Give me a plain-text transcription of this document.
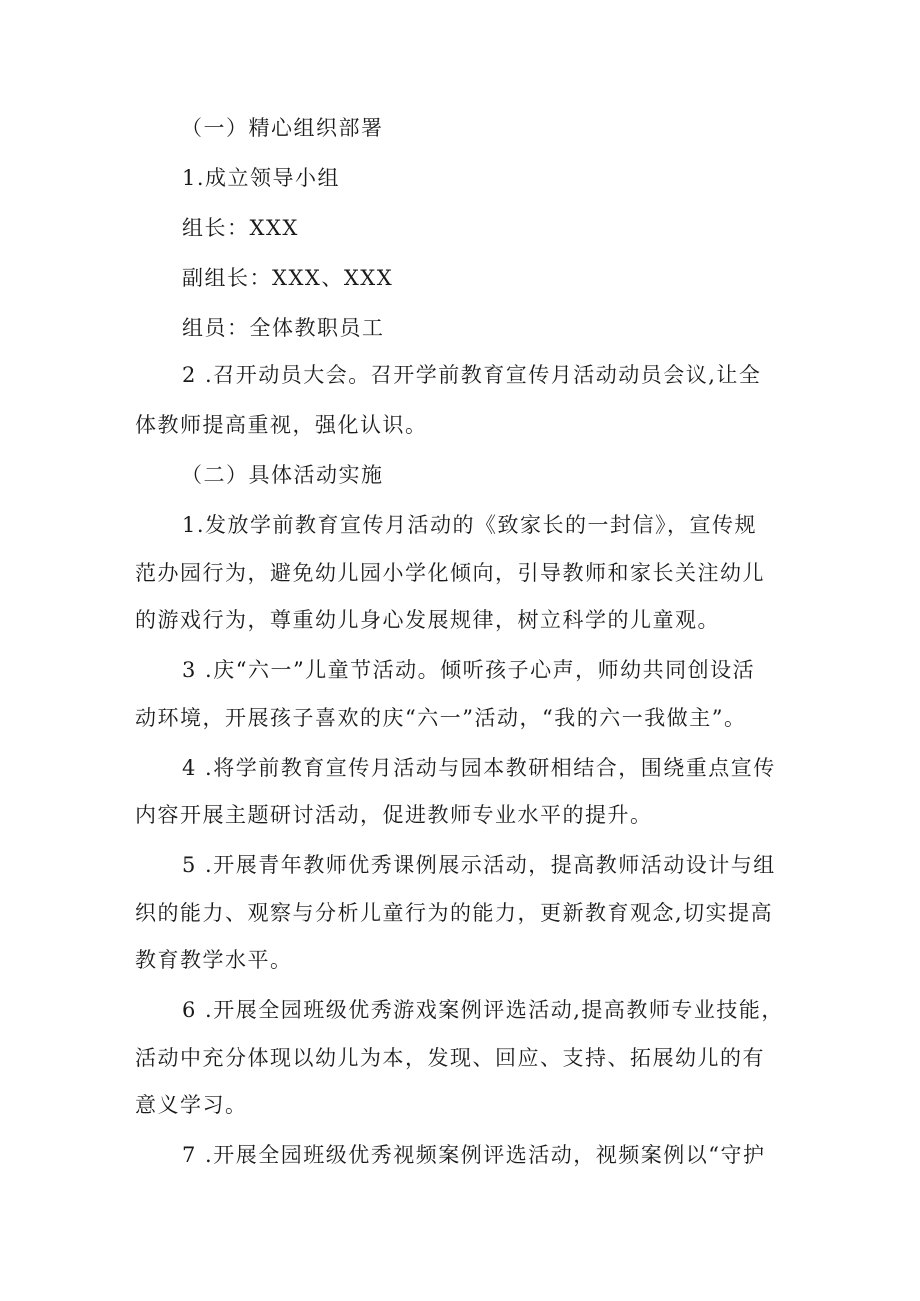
（一）精心组织部署
1.成立领导小组
组长：XXX
副组长：XXX、XXX
组员：全体教职员工
2 .召开动员大会。召开学前教育宣传月活动动员会议,让全
体教师提高重视，强化认识。
（二）具体活动实施
1.发放学前教育宣传月活动的《致家长的一封信》，宣传规
范办园行为，避免幼儿园小学化倾向，引导教师和家长关注幼儿
的游戏行为，尊重幼儿身心发展规律，树立科学的儿童观。
3 .庆“六一”儿童节活动。倾听孩子心声，师幼共同创设活
动环境，开展孩子喜欢的庆“六一”活动，“我的六一我做主”。
4 .将学前教育宣传月活动与园本教研相结合，围绕重点宣传
内容开展主题研讨活动，促进教师专业水平的提升。
5 .开展青年教师优秀课例展示活动，提高教师活动设计与组
织的能力、观察与分析儿童行为的能力，更新教育观念,切实提高
教育教学水平。
6 .开展全园班级优秀游戏案例评选活动,提高教师专业技能，
活动中充分体现以幼儿为本，发现、回应、支持、拓展幼儿的有
意义学习。
7 .开展全园班级优秀视频案例评选活动，视频案例以“守护
